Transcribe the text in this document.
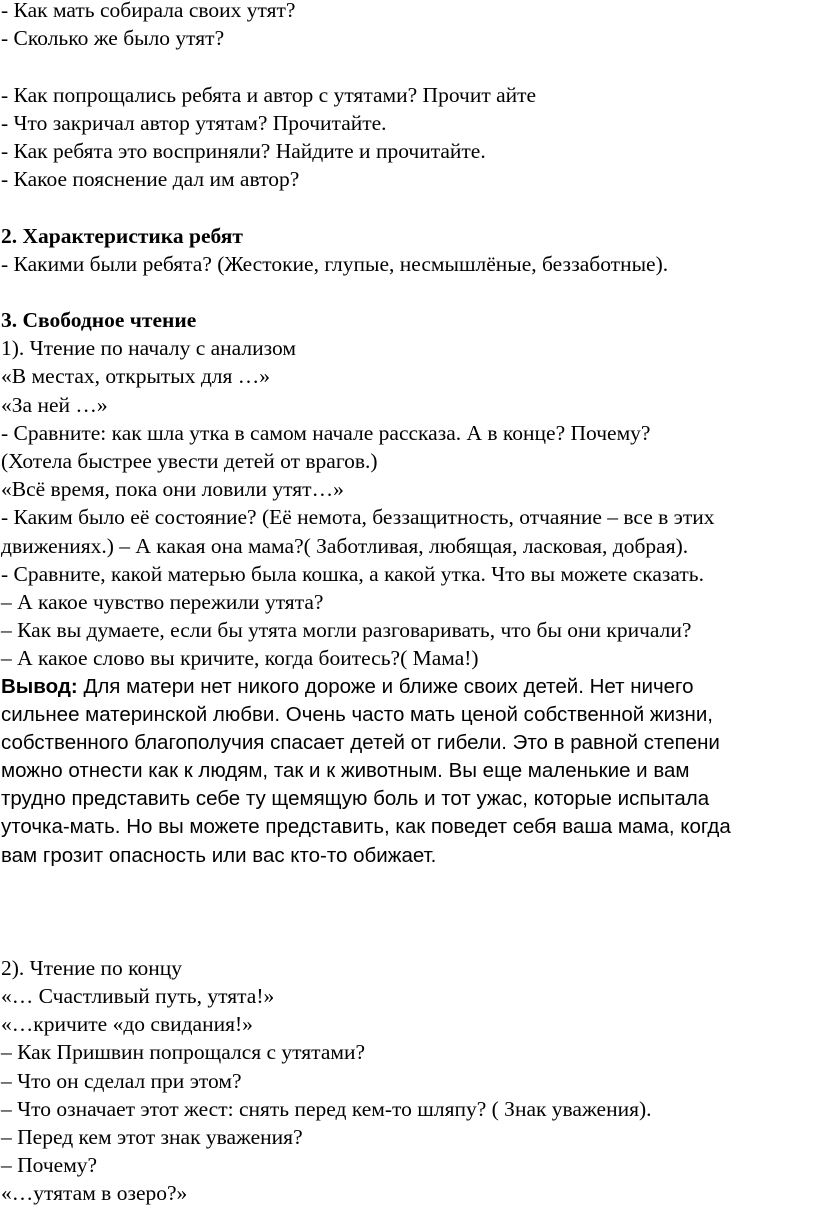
- Как мать собирала своих утят?
- Сколько же было утят?
- Как попрощались ребята и автор с утятами? Прочит айте
- Что закричал автор утятам? Прочитайте.
- Как ребята это восприняли? Найдите и прочитайте.
- Какое пояснение дал им автор?
2. Характеристика ребят
- Какими были ребята? (Жестокие, глупые, несмышлёные, беззаботные).
3. Свободное чтение
1). Чтение по началу с анализом
«В местах, открытых для …»
«За ней …»
- Сравните: как шла утка в самом начале рассказа. А в конце? Почему?
(Хотела быстрее увести детей от врагов.)
«Всё время, пока они ловили утят…»
- Каким было её состояние? (Её немота, беззащитность, отчаяние – все в этих
движениях.) – А какая она мама?( Заботливая, любящая, ласковая, добрая).
- Сравните, какой матерью была кошка, а какой утка. Что вы можете сказать.
– А какое чувство пережили утята?
– Как вы думаете, если бы утята могли разговаривать, что бы они кричали?
– А какое слово вы кричите, когда боитесь?( Мама!)
Вывод: Для матери нет никого дороже и ближе своих детей. Нет ничего
сильнее материнской любви. Очень часто мать ценой собственной жизни,
собственного благополучия спасает детей от гибели. Это в равной степени
можно отнести как к людям, так и к животным. Вы еще маленькие и вам
трудно представить себе ту щемящую боль и тот ужас, которые испытала
уточка-мать. Но вы можете представить, как поведет себя ваша мама, когда
вам грозит опасность или вас кто-то обижает.
2). Чтение по концу
«… Счастливый путь, утята!»
«…кричите «до свидания!»
– Как Пришвин попрощался с утятами?
– Что он сделал при этом?
– Что означает этот жест: снять перед кем-то шляпу? ( Знак уважения).
– Перед кем этот знак уважения?
– Почему?
«…утятам в озеро?»
